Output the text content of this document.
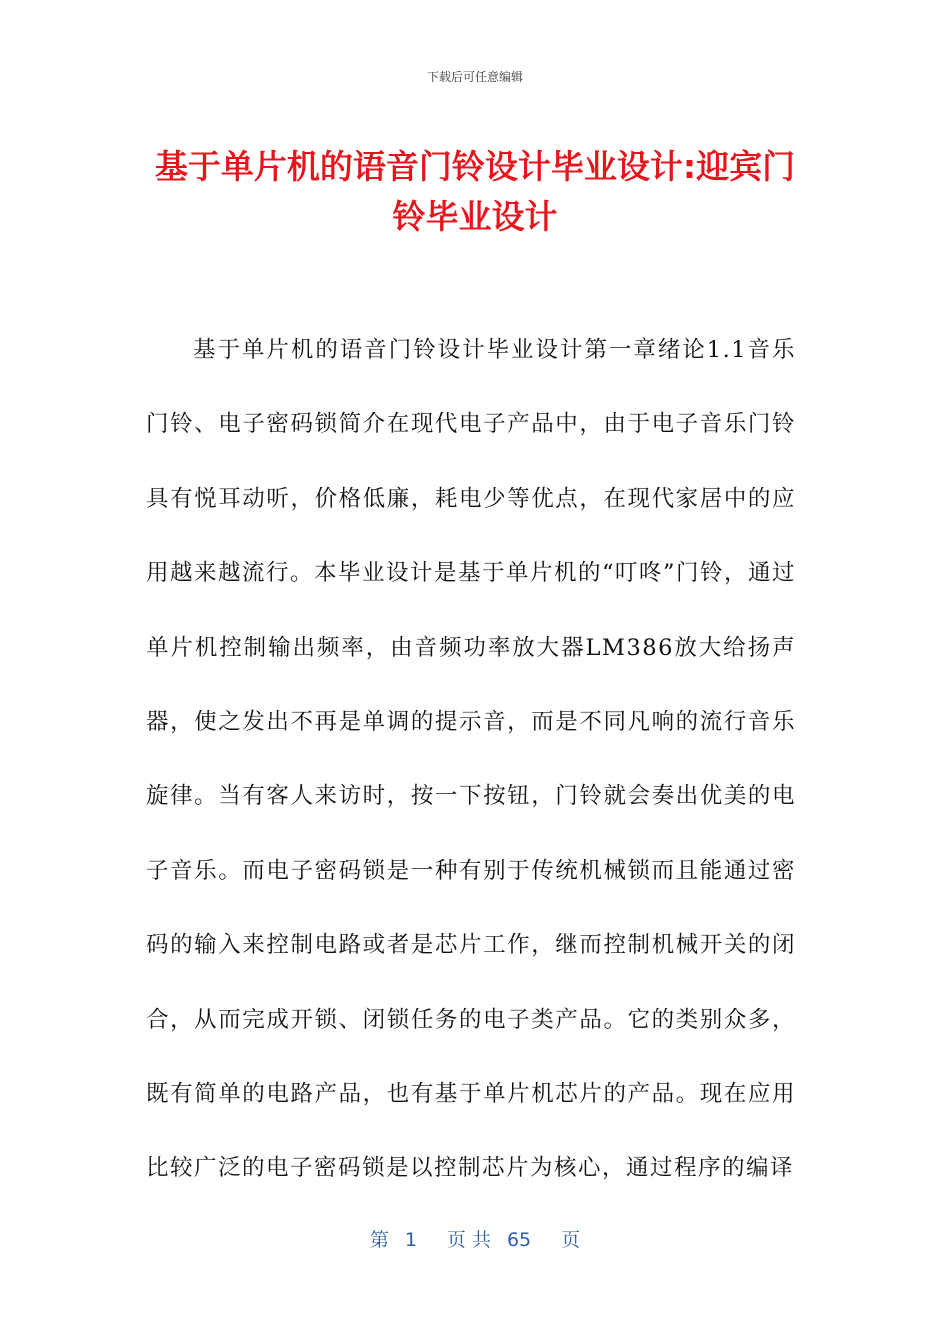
下载后可任意编辑
基于单片机的语音门铃设计毕业设计:迎宾门铃毕业设计

基于单片机的语音门铃设计毕业设计第一章绪论1.1音乐门铃、电子密码锁简介在现代电子产品中，由于电子音乐门铃具有悦耳动听，价格低廉，耗电少等优点，在现代家居中的应用越来越流行。本毕业设计是基于单片机的“叮咚”门铃，通过单片机控制输出频率，由音频功率放大器LM386放大给扬声器，使之发出不再是单调的提示音，而是不同凡响的流行音乐旋律。当有客人来访时，按一下按钮，门铃就会奏出优美的电子音乐。而电子密码锁是一种有别于传统机械锁而且能通过密码的输入来控制电路或者是芯片工作，继而控制机械开关的闭合，从而完成开锁、闭锁任务的电子类产品。它的类别众多，既有简单的电路产品，也有基于单片机芯片的产品。现在应用比较广泛的电子密码锁是以控制芯片为核心，通过程序的编译

第 1 页 共 65 页
